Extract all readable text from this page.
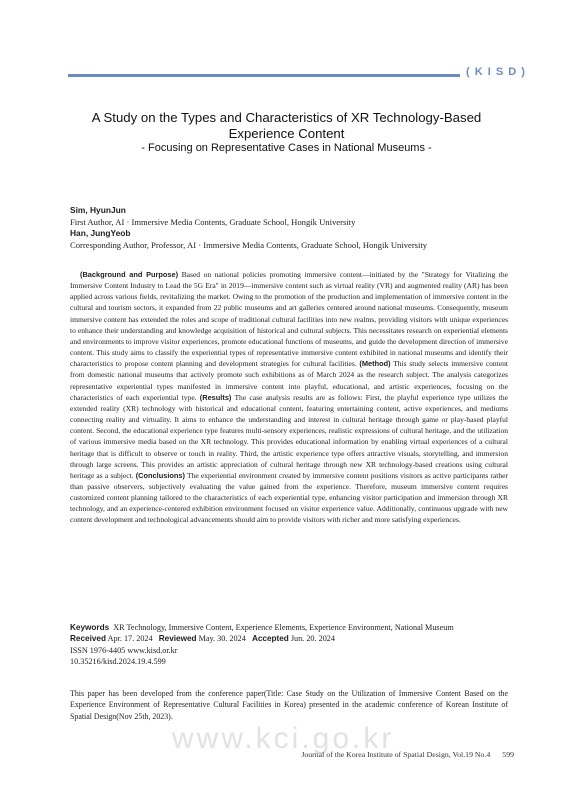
( K I S D )
A Study on the Types and Characteristics of XR Technology-Based Experience Content
- Focusing on Representative Cases in National Museums -
Sim, HyunJun
First Author, AI · Immersive Media Contents, Graduate School, Hongik University
Han, JungYeob
Corresponding Author, Professor, AI · Immersive Media Contents, Graduate School, Hongik University
(Background and Purpose) Based on national policies promoting immersive content—initiated by the "Strategy for Vitalizing the Immersive Content Industry to Lead the 5G Era" in 2019—immersive content such as virtual reality (VR) and augmented reality (AR) has been applied across various fields, revitalizing the market. Owing to the promotion of the production and implementation of immersive content in the cultural and tourism sectors, it expanded from 22 public museums and art galleries centered around national museums. Consequently, museum immersive content has extended the roles and scope of traditional cultural facilities into new realms, providing visitors with unique experiences to enhance their understanding and knowledge acquisition of historical and cultural subjects. This necessitates research on experiential elements and environments to improve visitor experiences, promote educational functions of museums, and guide the development direction of immersive content. This study aims to classify the experiential types of representative immersive content exhibited in national museums and identify their characteristics to propose content planning and development strategies for cultural facilities. (Method) This study selects immersive content from domestic national museums that actively promote such exhibitions as of March 2024 as the research subject. The analysis categorizes representative experiential types manifested in immersive content into playful, educational, and artistic experiences, focusing on the characteristics of each experiential type. (Results) The case analysis results are as follows: First, the playful experience type utilizes the extended reality (XR) technology with historical and educational content, featuring entertaining content, active experiences, and mediums connecting reality and virtuality. It aims to enhance the understanding and interest in cultural heritage through game or play-based playful content. Second, the educational experience type features multi-sensory experiences, realistic expressions of cultural heritage, and the utilization of various immersive media based on the XR technology. This provides educational information by enabling virtual experiences of a cultural heritage that is difficult to observe or touch in reality. Third, the artistic experience type offers attractive visuals, storytelling, and immersion through large screens. This provides an artistic appreciation of cultural heritage through new XR technology-based creations using cultural heritage as a subject. (Conclusions) The experiential environment created by immersive content positions visitors as active participants rather than passive observers, subjectively evaluating the value gained from the experience. Therefore, museum immersive content requires customized content planning tailored to the characteristics of each experiential type, enhancing visitor participation and immersion through XR technology, and an experience-centered exhibition environment focused on visitor experience value. Additionally, continuous upgrade with new content development and technological advancements should aim to provide visitors with richer and more satisfying experiences.
Keywords XR Technology, Immersive Content, Experience Elements, Experience Environment, National Museum
Received Apr. 17. 2024 Reviewed May. 30. 2024 Accepted Jun. 20. 2024
ISSN 1976-4405 www.kisd.or.kr
10.35216/kisd.2024.19.4.599
This paper has been developed from the conference paper(Title: Case Study on the Utilization of Immersive Content Based on the Experience Environment of Representative Cultural Facilities in Korea) presented in the academic conference of Korean Institute of Spatial Design(Nov 25th, 2023).
www.kci.go.kr
Journal of the Korea Institute of Spatial Design, Vol.19 No.4 599
